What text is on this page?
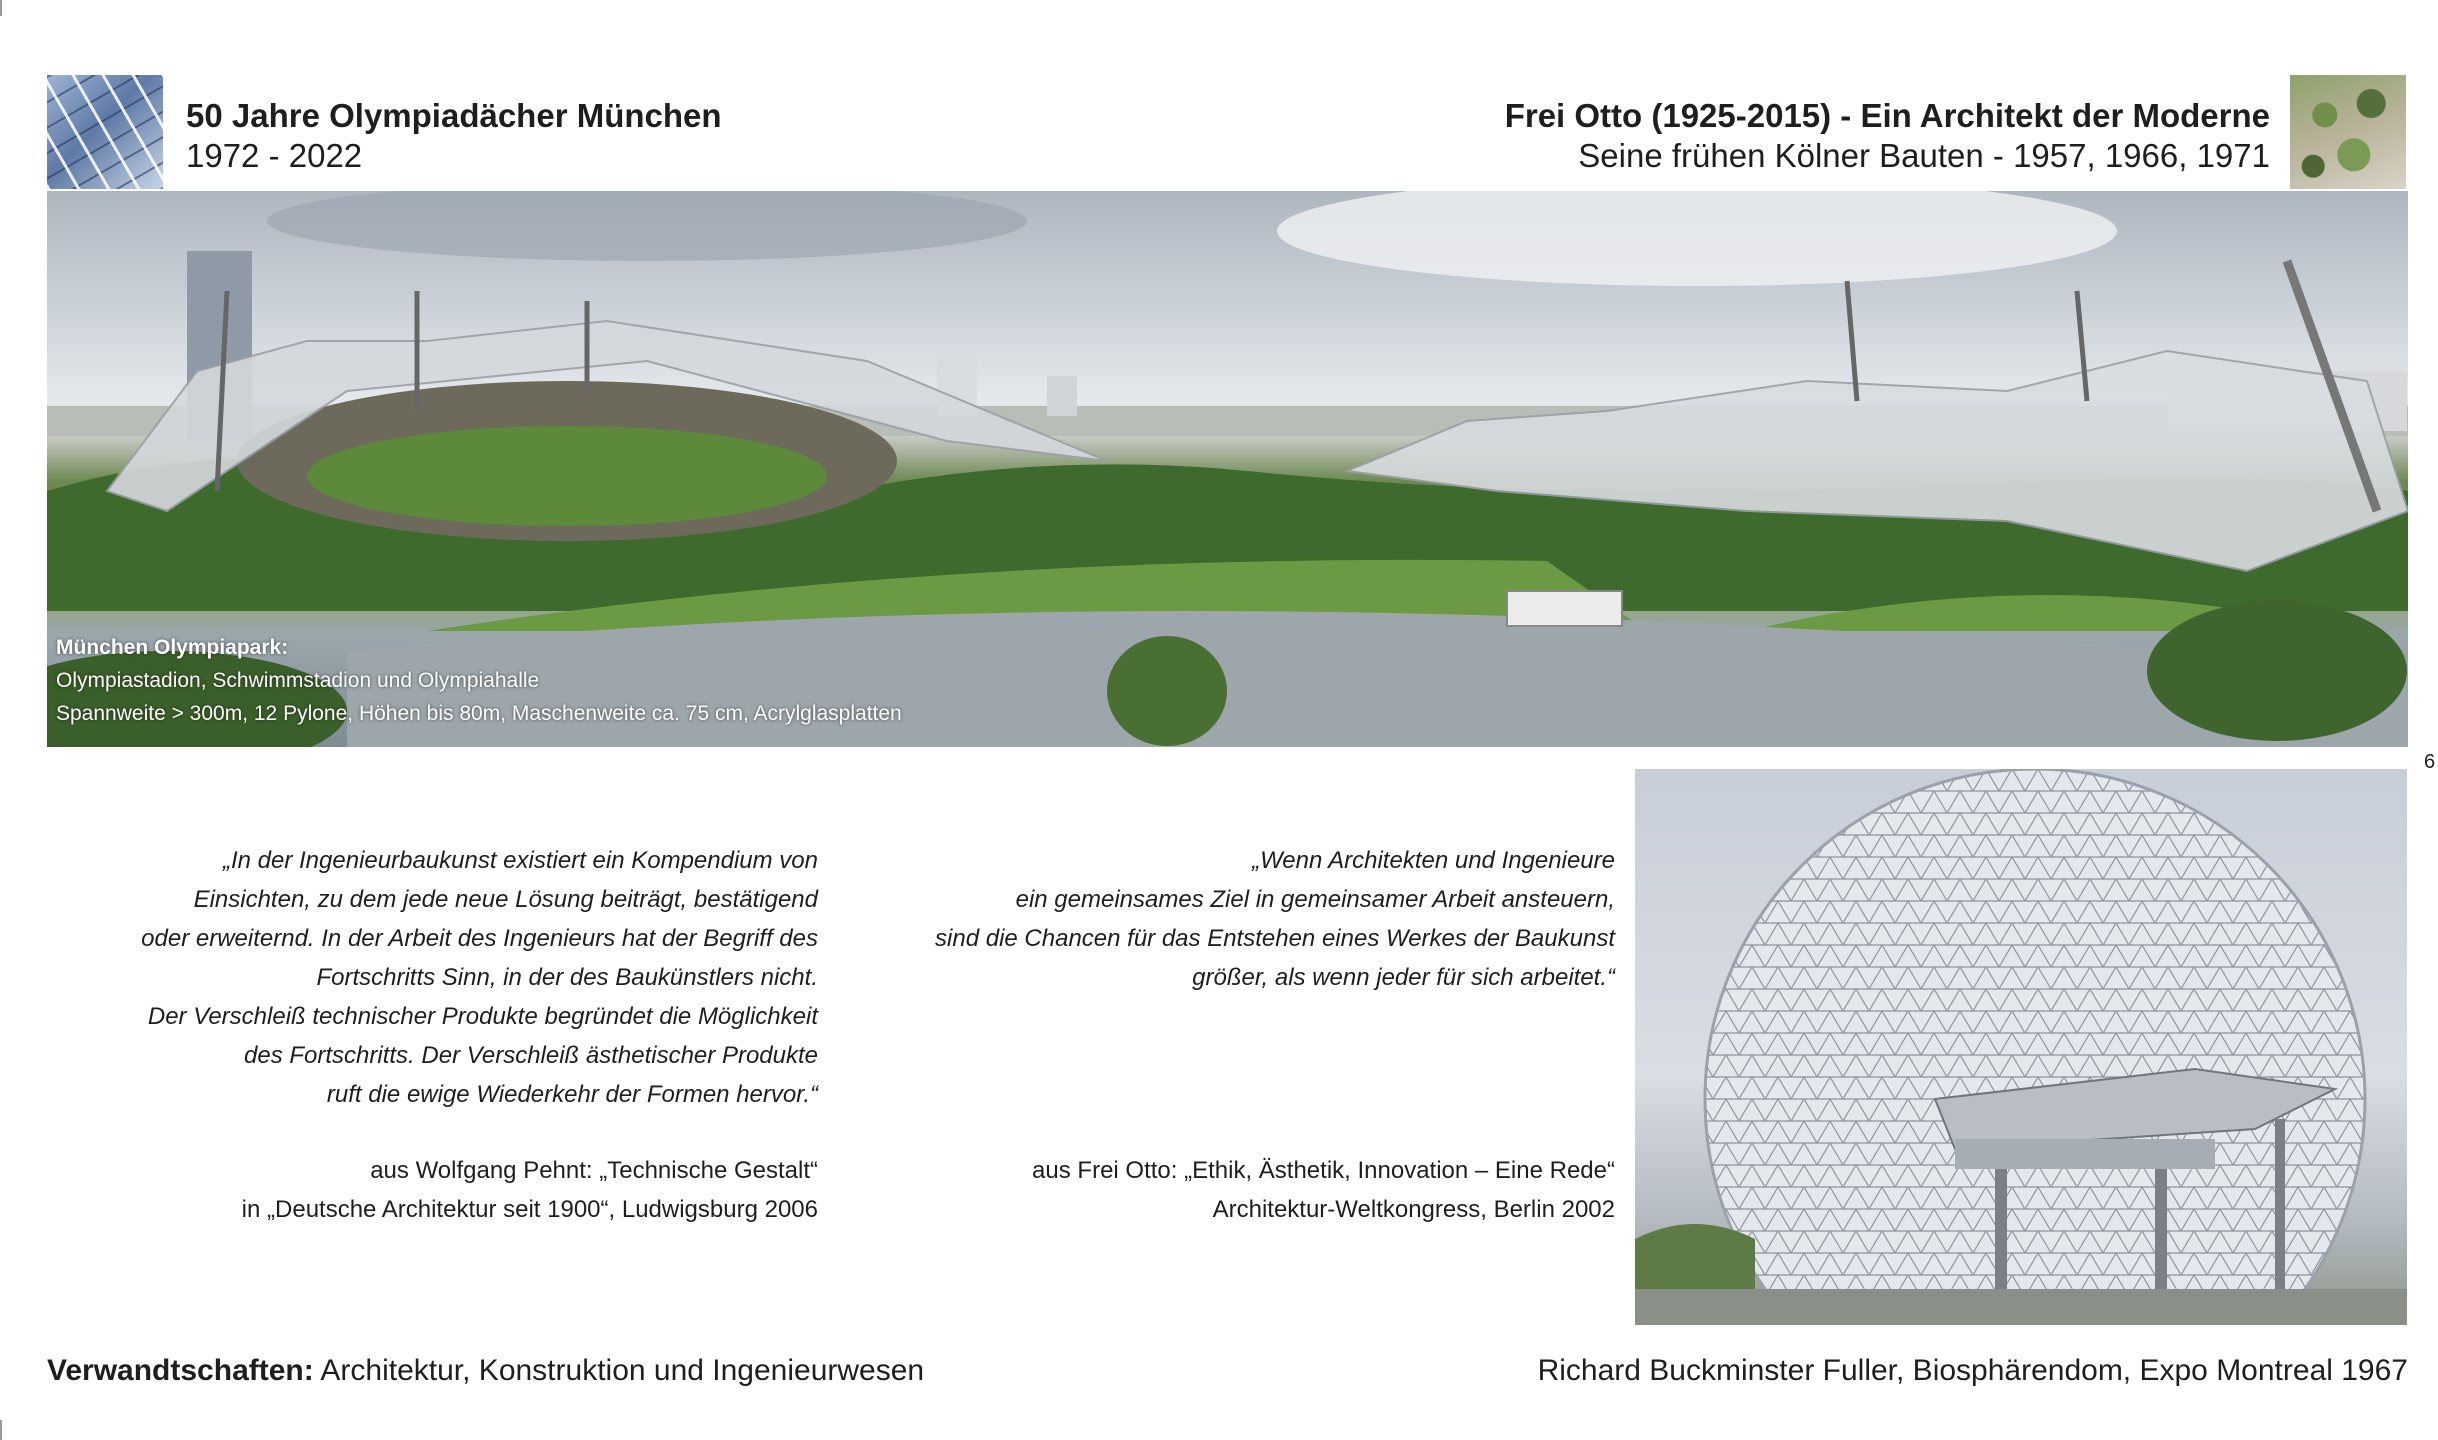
50 Jahre Olympiadächer München
1972 - 2022
Frei Otto (1925-2015) - Ein Architekt der Moderne
Seine frühen Kölner Bauten - 1957, 1966, 1971
München Olympiapark:
Olympiastadion, Schwimmstadion und Olympiahalle
Spannweite > 300m, 12 Pylone, Höhen bis 80m, Maschenweite ca. 75 cm, Acrylglasplatten
6
„In der Ingenieurbaukunst existiert ein Kompendium von
Einsichten, zu dem jede neue Lösung beiträgt, bestätigend
oder erweiternd. In der Arbeit des Ingenieurs hat der Begriff des
Fortschritts Sinn, in der des Baukünstlers nicht.
Der Verschleiß technischer Produkte begründet die Möglichkeit
des Fortschritts. Der Verschleiß ästhetischer Produkte
ruft die ewige Wiederkehr der Formen hervor.“
aus Wolfgang Pehnt: „Technische Gestalt“
in „Deutsche Architektur seit 1900“, Ludwigsburg 2006
„Wenn Architekten und Ingenieure
ein gemeinsames Ziel in gemeinsamer Arbeit ansteuern,
sind die Chancen für das Entstehen eines Werkes der Baukunst
größer, als wenn jeder für sich arbeitet.“
aus Frei Otto: „Ethik, Ästhetik, Innovation – Eine Rede“
Architektur-Weltkongress, Berlin 2002
Verwandtschaften: Architektur, Konstruktion und Ingenieurwesen	Richard Buckminster Fuller, Biosphärendom, Expo Montreal 1967
